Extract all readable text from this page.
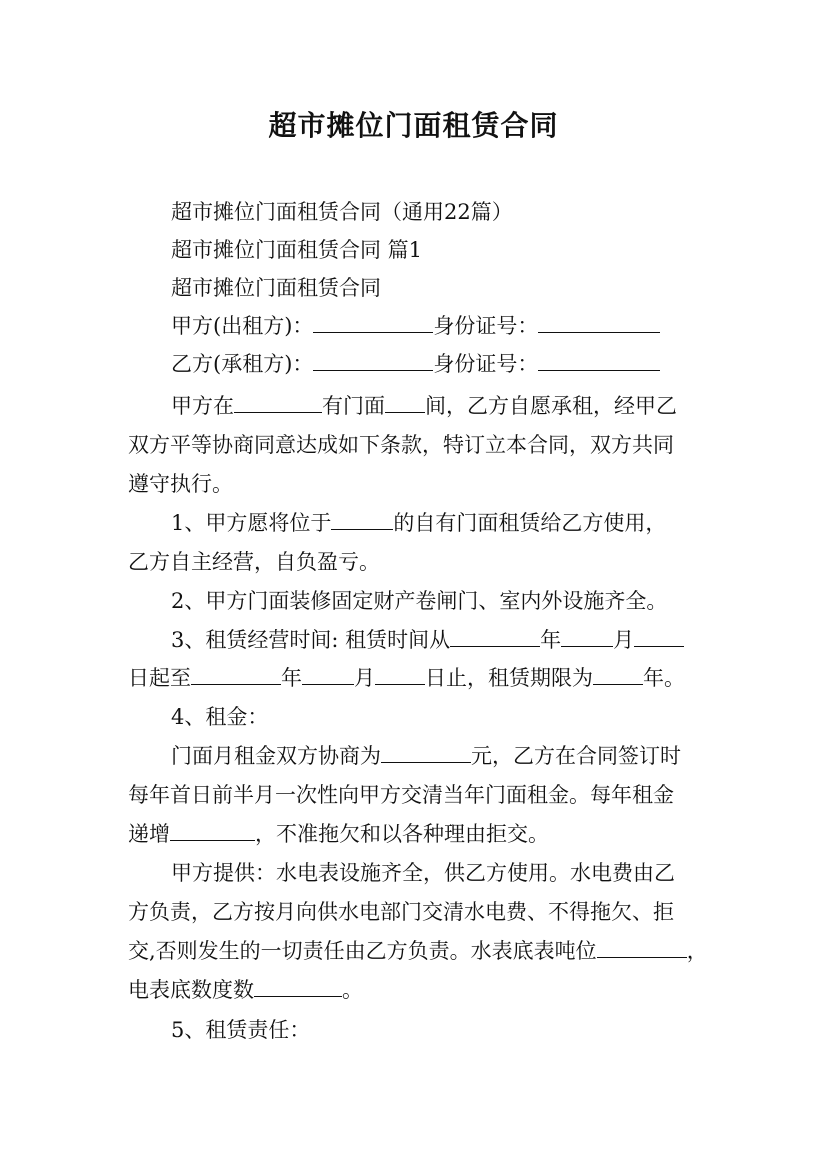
超市摊位门面租赁合同
超市摊位门面租赁合同（通用22篇）
超市摊位门面租赁合同 篇1
超市摊位门面租赁合同
甲方(出租方)：	身份证号：
乙方(承租方)：	身份证号：
甲方在	有门面 间，乙方自愿承租，经甲乙
双方平等协商同意达成如下条款，特订立本合同，双方共同
遵守执行。
1、甲方愿将位于	的自有门面租赁给乙方使用，
乙方自主经营，自负盈亏。
2、甲方门面装修固定财产卷闸门、室内外设施齐全。
3、租赁经营时间: 租赁时间从	年 月
日起至	年 月 日止，租赁期限为 年。
4、租金：
门面月租金双方协商为	元，乙方在合同签订时
每年首日前半月一次性向甲方交清当年门面租金。每年租金
递增	，不准拖欠和以各种理由拒交。
甲方提供：水电表设施齐全，供乙方使用。水电费由乙
方负责，乙方按月向供水电部门交清水电费、不得拖欠、拒
交,否则发生的一切责任由乙方负责。水表底表吨位	，
电表底数度数	。
5、租赁责任：
